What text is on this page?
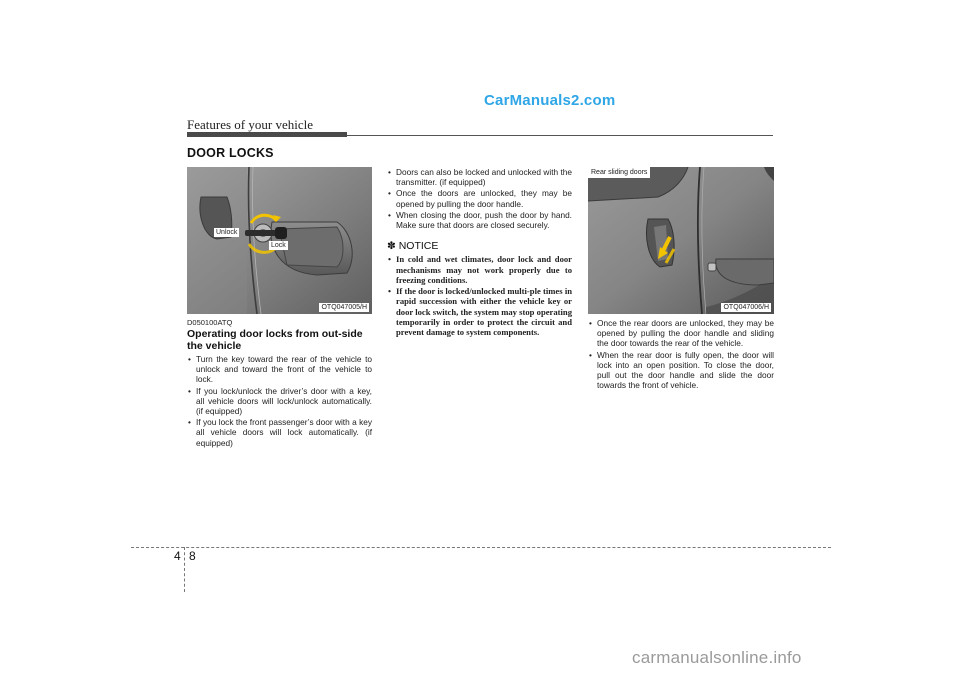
CarManuals2.com
Features of your vehicle
DOOR LOCKS
Unlock
Lock
OTQ047005/H
D050100ATQ
Operating door locks from out-side the vehicle
• Turn the key toward the rear of the vehicle to unlock and toward the front of the vehicle to lock.
• If you lock/unlock the driver’s door with a key, all vehicle doors will lock/unlock automatically. (if equipped)
• If you lock the front passenger’s door with a key all vehicle doors will lock automatically. (if equipped)
• Doors can also be locked and unlocked with the transmitter. (if equipped)
• Once the doors are unlocked, they may be opened by pulling the door handle.
• When closing the door, push the door by hand. Make sure that doors are closed securely.
✽ NOTICE
• In cold and wet climates, door lock and door mechanisms may not work properly due to freezing conditions.
• If the door is locked/unlocked multi-ple times in rapid succession with either the vehicle key or door lock switch, the system may stop operating temporarily in order to protect the circuit and prevent damage to system components.
Rear sliding doors
OTQ047006/H
• Once the rear doors are unlocked, they may be opened by pulling the door handle and sliding the door towards the rear of the vehicle.
• When the rear door is fully open, the door will lock into an open position. To close the door, pull out the door handle and slide the door towards the front of vehicle.
4 8
carmanualsonline.info
